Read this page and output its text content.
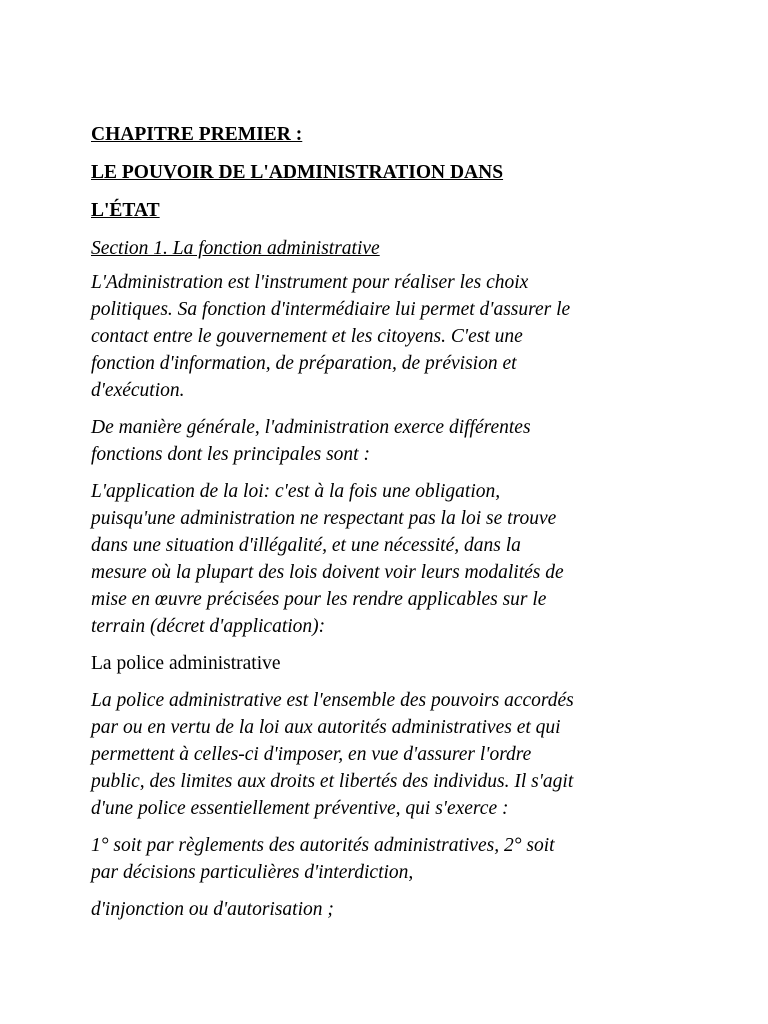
CHAPITRE PREMIER :
LE POUVOIR DE L'ADMINISTRATION DANS
L'ÉTAT
Section 1. La fonction administrative
L'Administration est l'instrument pour réaliser les choix
politiques. Sa fonction d'intermédiaire lui permet d'assurer le
contact entre le gouvernement et les citoyens. C'est une
fonction d'information, de préparation, de prévision et
d'exécution.
De manière générale, l'administration exerce différentes
fonctions dont les principales sont :
L'application de la loi: c'est à la fois une obligation,
puisqu'une administration ne respectant pas la loi se trouve
dans une situation d'illégalité, et une nécessité, dans la
mesure où la plupart des lois doivent voir leurs modalités de
mise en œuvre précisées pour les rendre applicables sur le
terrain (décret d'application):
La police administrative
La police administrative est l'ensemble des pouvoirs accordés
par ou en vertu de la loi aux autorités administratives et qui
permettent à celles-ci d'imposer, en vue d'assurer l'ordre
public, des limites aux droits et libertés des individus. Il s'agit
d'une police essentiellement préventive, qui s'exerce :
1° soit par règlements des autorités administratives, 2° soit
par décisions particulières d'interdiction,
d'injonction ou d'autorisation ;
